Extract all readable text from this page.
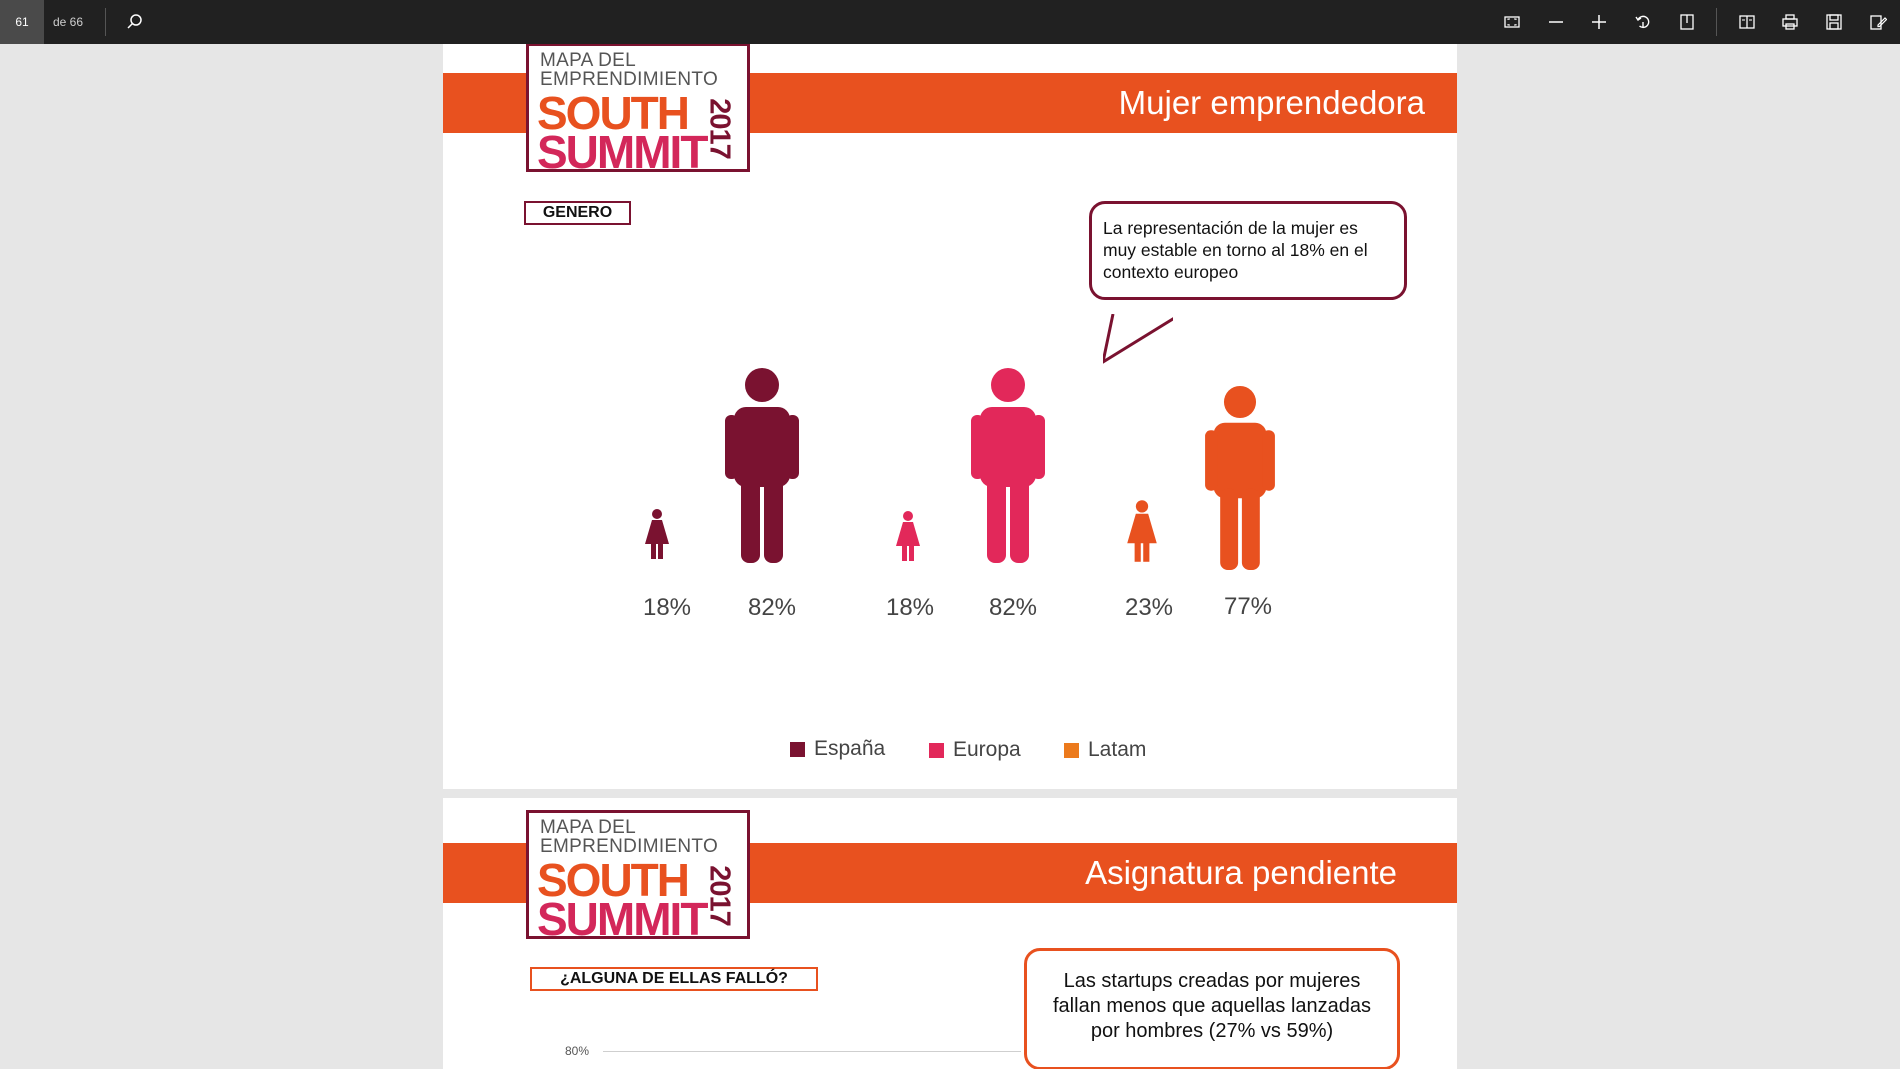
61	de 66
Mujer emprendedora
MAPA DEL
EMPRENDIMIENTO
SOUTH
SUMMIT
2017
GENERO
La representación de la mujer es muy estable en torno al 18% en el contexto europeo
18%	82%	18%	82%	23%	77%
España	Europa	Latam
Asignatura pendiente
MAPA DEL
EMPRENDIMIENTO
SOUTH
SUMMIT
2017
¿ALGUNA DE ELLAS FALLÓ?	Las startups creadas por mujeres fallan menos que aquellas lanzadas por hombres (27% vs 59%)
80%
